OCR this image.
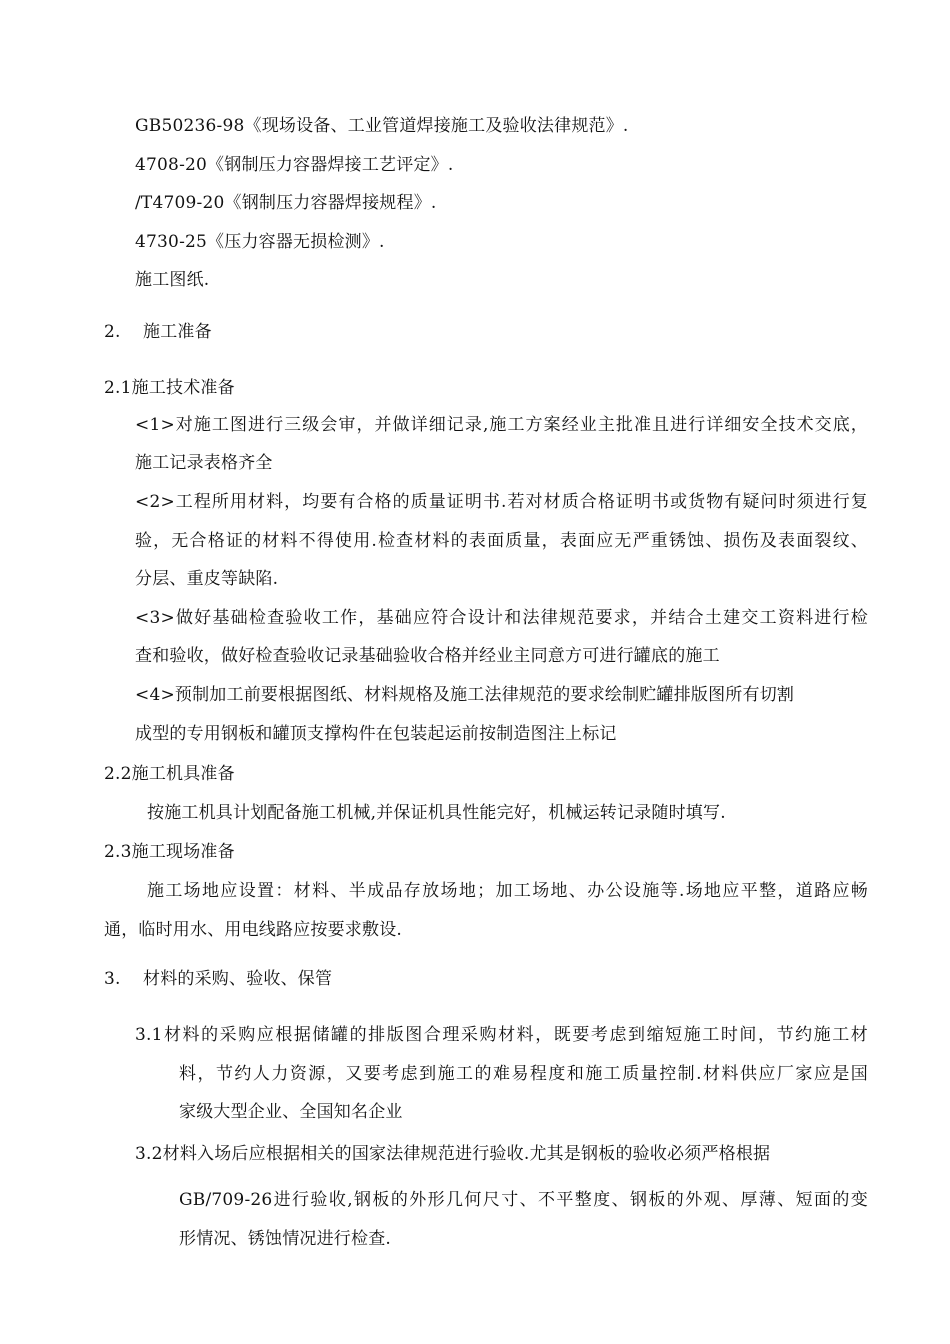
GB50236-98《现场设备、工业管道焊接施工及验收法律规范》.
4708-20《钢制压力容器焊接工艺评定》.
/T4709-20《钢制压力容器焊接规程》.
4730-25《压力容器无损检测》.
施工图纸.
2. 施工准备
2.1施工技术准备
<1>对施工图进行三级会审，并做详细记录,施工方案经业主批准且进行详细安全技术交底，
施工记录表格齐全
<2>工程所用材料，均要有合格的质量证明书.若对材质合格证明书或货物有疑问时须进行复
验，无合格证的材料不得使用.检查材料的表面质量，表面应无严重锈蚀、损伤及表面裂纹、
分层、重皮等缺陷.
<3>做好基础检查验收工作，基础应符合设计和法律规范要求，并结合土建交工资料进行检
查和验收，做好检查验收记录基础验收合格并经业主同意方可进行罐底的施工
<4>预制加工前要根据图纸、材料规格及施工法律规范的要求绘制贮罐排版图所有切割
成型的专用钢板和罐顶支撑构件在包装起运前按制造图注上标记
2.2施工机具准备
按施工机具计划配备施工机械,并保证机具性能完好，机械运转记录随时填写.
2.3施工现场准备
施工场地应设置：材料、半成品存放场地；加工场地、办公设施等.场地应平整，道路应畅
通，临时用水、用电线路应按要求敷设.
3. 材料的采购、验收、保管
3.1材料的采购应根据储罐的排版图合理采购材料，既要考虑到缩短施工时间，节约施工材
料，节约人力资源，又要考虑到施工的难易程度和施工质量控制.材料供应厂家应是国
家级大型企业、全国知名企业
3.2材料入场后应根据相关的国家法律规范进行验收.尤其是钢板的验收必须严格根据
GB/709-26进行验收,钢板的外形几何尺寸、不平整度、钢板的外观、厚薄、短面的变
形情况、锈蚀情况进行检查.
